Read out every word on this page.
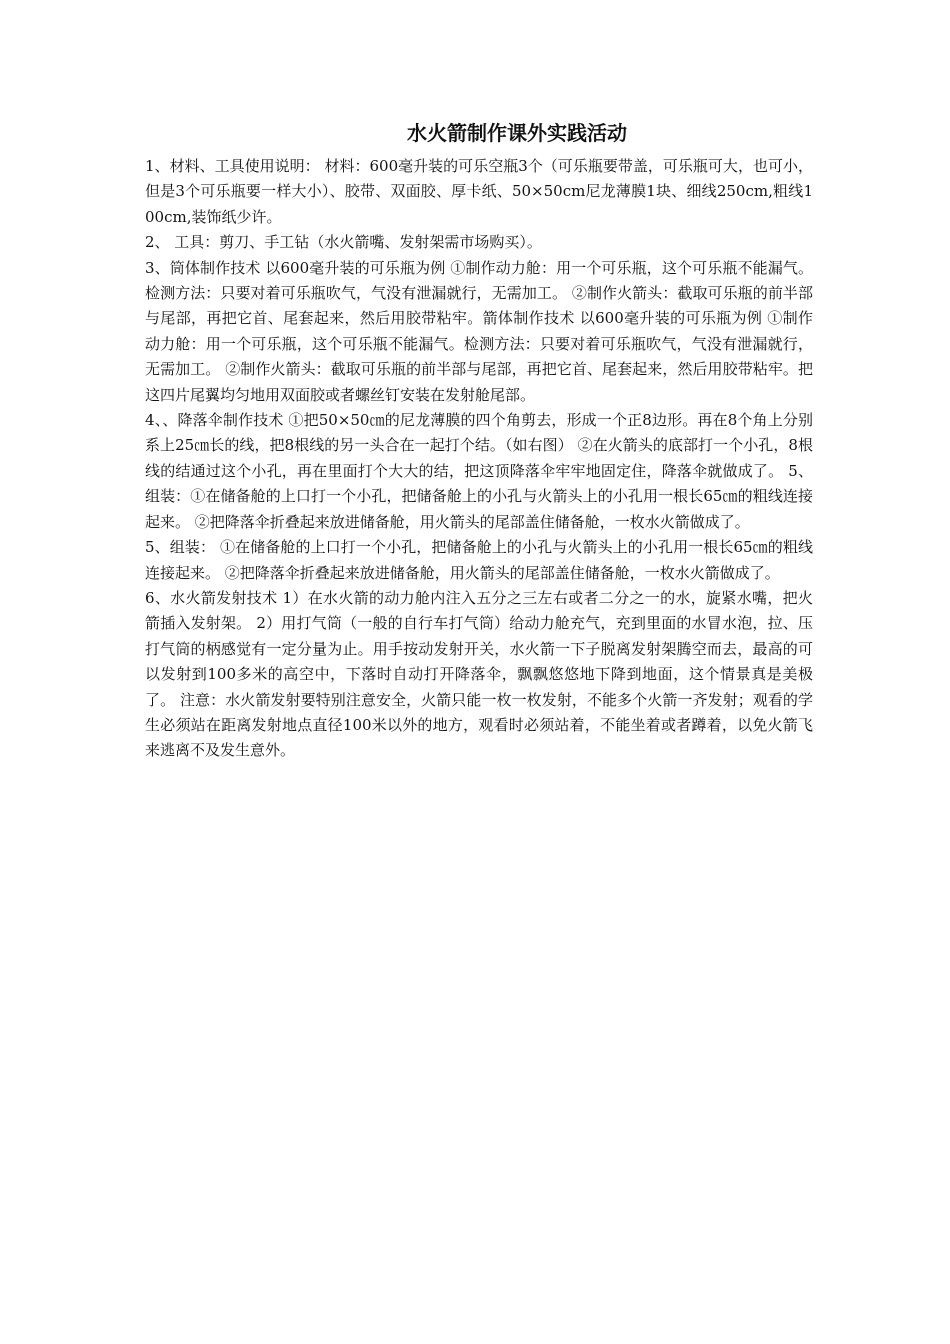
水火箭制作课外实践活动

1、材料、工具使用说明： 材料：600毫升装的可乐空瓶3个（可乐瓶要带盖，可乐瓶可大，也可小，但是3个可乐瓶要一样大小）、胶带、双面胶、厚卡纸、50×50cm尼龙薄膜1块、细线250cm,粗线100cm,装饰纸少许。

2、 工具：剪刀、手工钻（水火箭嘴、发射架需市场购买）。

3、筒体制作技术 以600毫升装的可乐瓶为例 ①制作动力舱：用一个可乐瓶，这个可乐瓶不能漏气。检测方法：只要对着可乐瓶吹气，气没有泄漏就行，无需加工。 ②制作火箭头：截取可乐瓶的前半部与尾部，再把它首、尾套起来，然后用胶带粘牢。箭体制作技术 以600毫升装的可乐瓶为例 ①制作动力舱：用一个可乐瓶，这个可乐瓶不能漏气。检测方法：只要对着可乐瓶吹气，气没有泄漏就行，无需加工。 ②制作火箭头：截取可乐瓶的前半部与尾部，再把它首、尾套起来，然后用胶带粘牢。把这四片尾翼均匀地用双面胶或者螺丝钉安装在发射舱尾部。

4、、降落伞制作技术 ①把50×50㎝的尼龙薄膜的四个角剪去，形成一个正8边形。再在8个角上分别系上25㎝长的线，把8根线的另一头合在一起打个结。（如右图） ②在火箭头的底部打一个小孔，8根线的结通过这个小孔，再在里面打个大大的结，把这顶降落伞牢牢地固定住，降落伞就做成了。 5、组装：①在储备舱的上口打一个小孔，把储备舱上的小孔与火箭头上的小孔用一根长65㎝的粗线连接起来。 ②把降落伞折叠起来放进储备舱，用火箭头的尾部盖住储备舱，一枚水火箭做成了。

5、组装： ①在储备舱的上口打一个小孔，把储备舱上的小孔与火箭头上的小孔用一根长65㎝的粗线连接起来。 ②把降落伞折叠起来放进储备舱，用火箭头的尾部盖住储备舱，一枚水火箭做成了。

6、水火箭发射技术 1）在水火箭的动力舱内注入五分之三左右或者二分之一的水，旋紧水嘴，把火箭插入发射架。 2）用打气筒（一般的自行车打气筒）给动力舱充气，充到里面的水冒水泡，拉、压打气筒的柄感觉有一定分量为止。用手按动发射开关，水火箭一下子脱离发射架腾空而去，最高的可以发射到100多米的高空中，下落时自动打开降落伞，飘飘悠悠地下降到地面，这个情景真是美极了。 注意：水火箭发射要特别注意安全，火箭只能一枚一枚发射，不能多个火箭一齐发射；观看的学生必须站在距离发射地点直径100米以外的地方，观看时必须站着，不能坐着或者蹲着，以免火箭飞来逃离不及发生意外。
